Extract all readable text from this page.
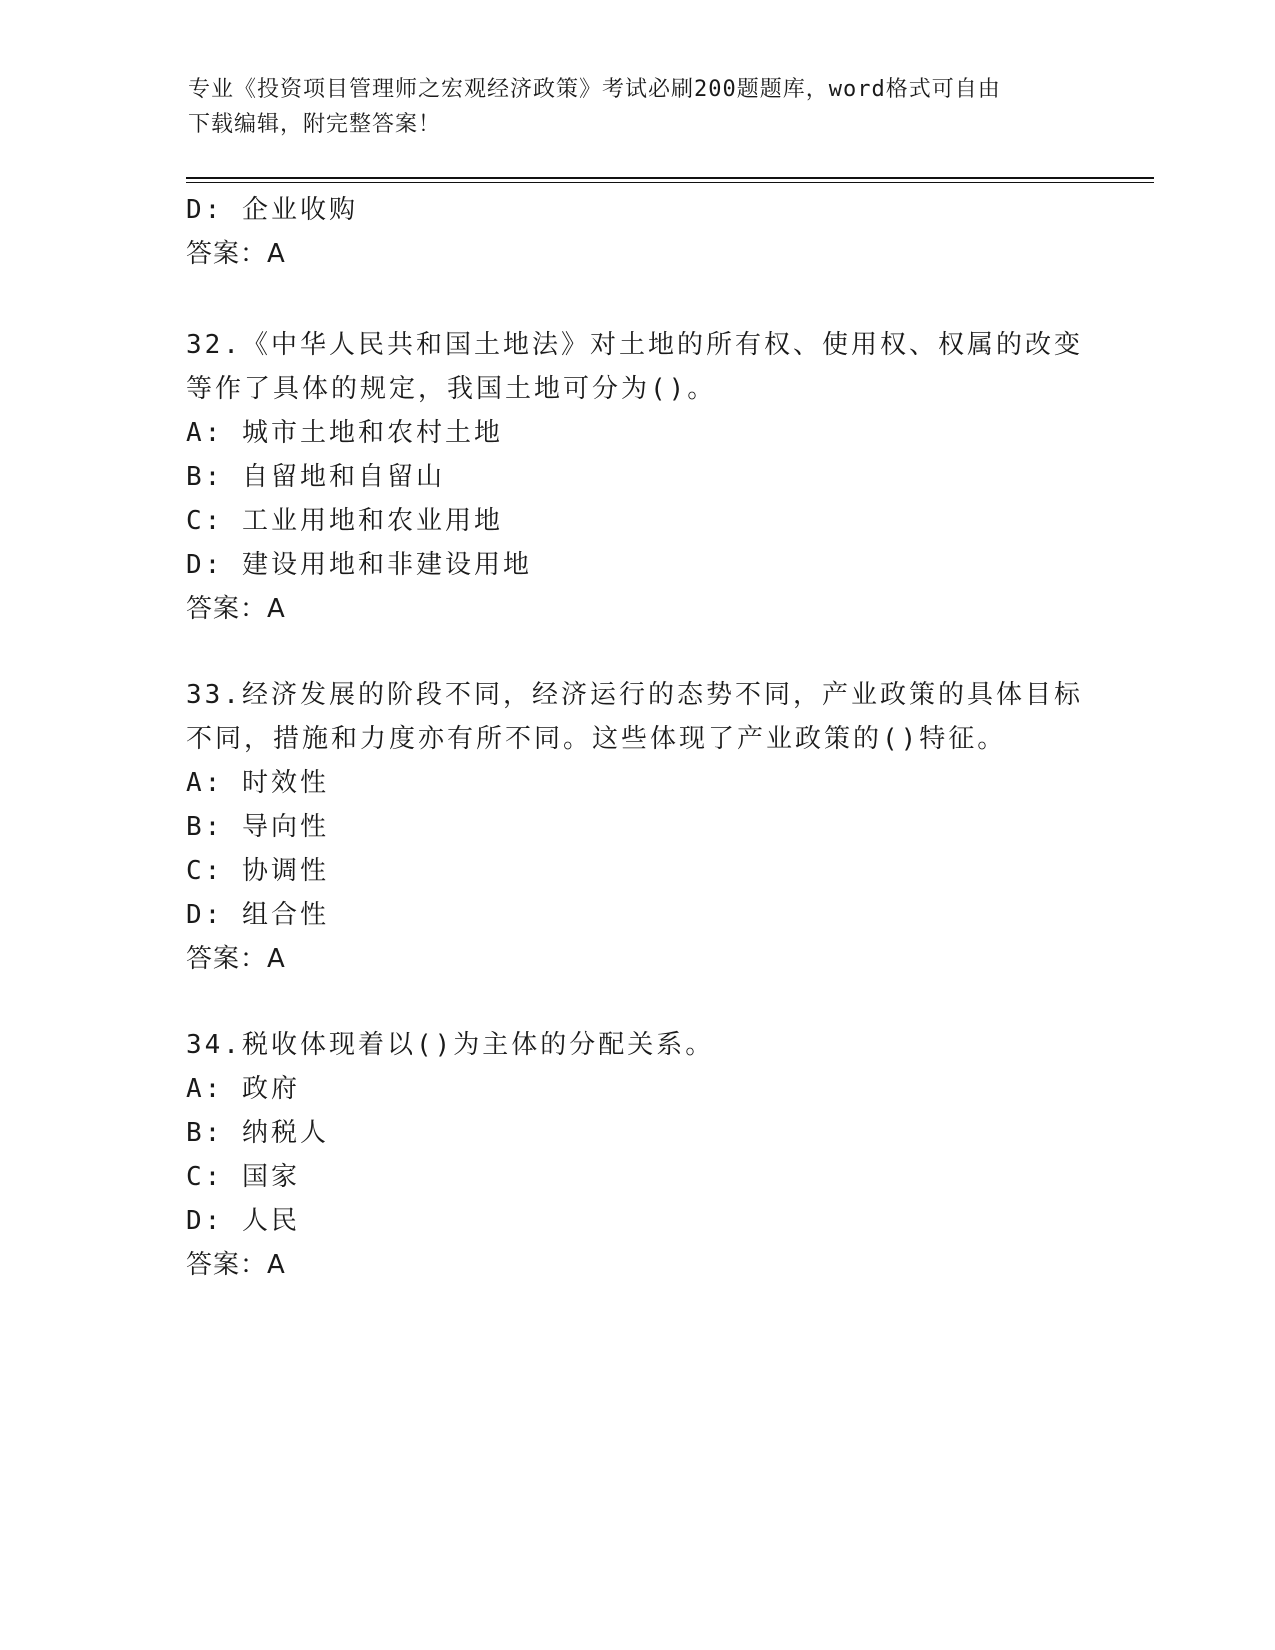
专业《投资项目管理师之宏观经济政策》考试必刷200题题库，word格式可自由
下载编辑，附完整答案！
D: 企业收购
答案：A
32.《中华人民共和国土地法》对土地的所有权、使用权、权属的改变
等作了具体的规定，我国土地可分为()。
A: 城市土地和农村土地
B: 自留地和自留山
C: 工业用地和农业用地
D: 建设用地和非建设用地
答案：A
33.经济发展的阶段不同，经济运行的态势不同，产业政策的具体目标
不同，措施和力度亦有所不同。这些体现了产业政策的()特征。
A: 时效性
B: 导向性
C: 协调性
D: 组合性
答案：A
34.税收体现着以()为主体的分配关系。
A: 政府
B: 纳税人
C: 国家
D: 人民
答案：A
